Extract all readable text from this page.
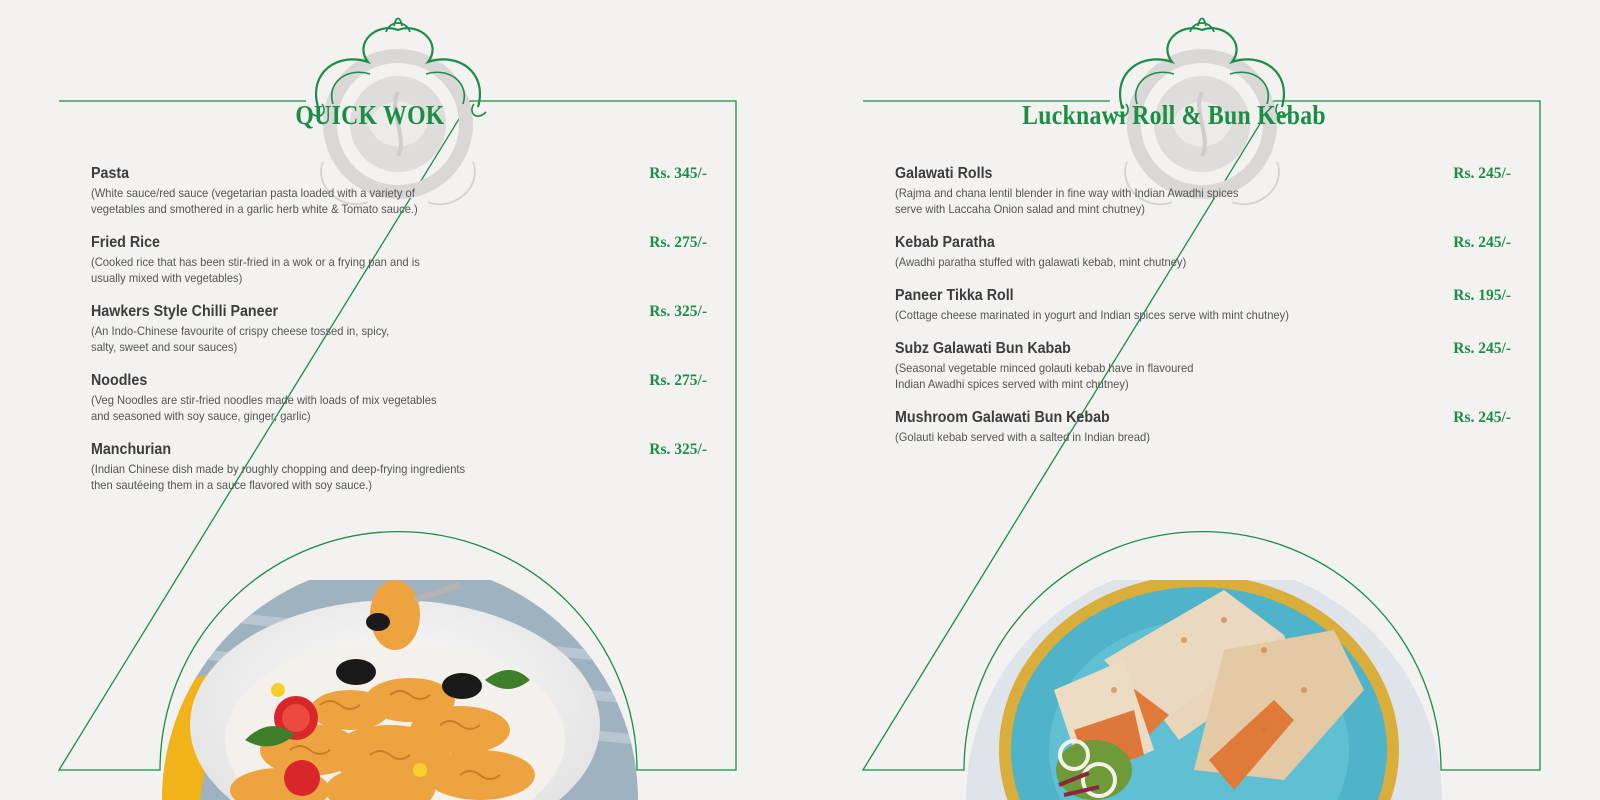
QUICK WOK
Pasta	Rs. 345/-
(White sauce/red sauce (vegetarian pasta loaded with a variety of
vegetables and smothered in a garlic herb white & Tomato sauce.)
Fried Rice	Rs. 275/-
(Cooked rice that has been stir-fried in a wok or a frying pan and is
usually mixed with vegetables)
Hawkers Style Chilli Paneer	Rs. 325/-
(An Indo-Chinese favourite of crispy cheese tossed in, spicy,
salty, sweet and sour sauces)
Noodles	Rs. 275/-
(Veg Noodles are stir-fried noodles made with loads of mix vegetables
and seasoned with soy sauce, ginger, garlic)
Manchurian	Rs. 325/-
(Indian Chinese dish made by roughly chopping and deep-frying ingredients
then sautéeing them in a sauce flavored with soy sauce.)
Lucknawi Roll & Bun Kebab
Galawati Rolls	Rs. 245/-
(Rajma and chana lentil blender in fine way with Indian Awadhi spices
serve with Laccaha Onion salad and mint chutney)
Kebab Paratha	Rs. 245/-
(Awadhi paratha stuffed with galawati kebab, mint chutney)
Paneer Tikka Roll	Rs. 195/-
(Cottage cheese marinated in yogurt and Indian spices serve with mint chutney)
Subz Galawati Bun Kabab	Rs. 245/-
(Seasonal vegetable minced golauti kebab have in flavoured
Indian Awadhi spices served with mint chutney)
Mushroom Galawati Bun Kebab	Rs. 245/-
(Golauti kebab served with a salted in Indian bread)
